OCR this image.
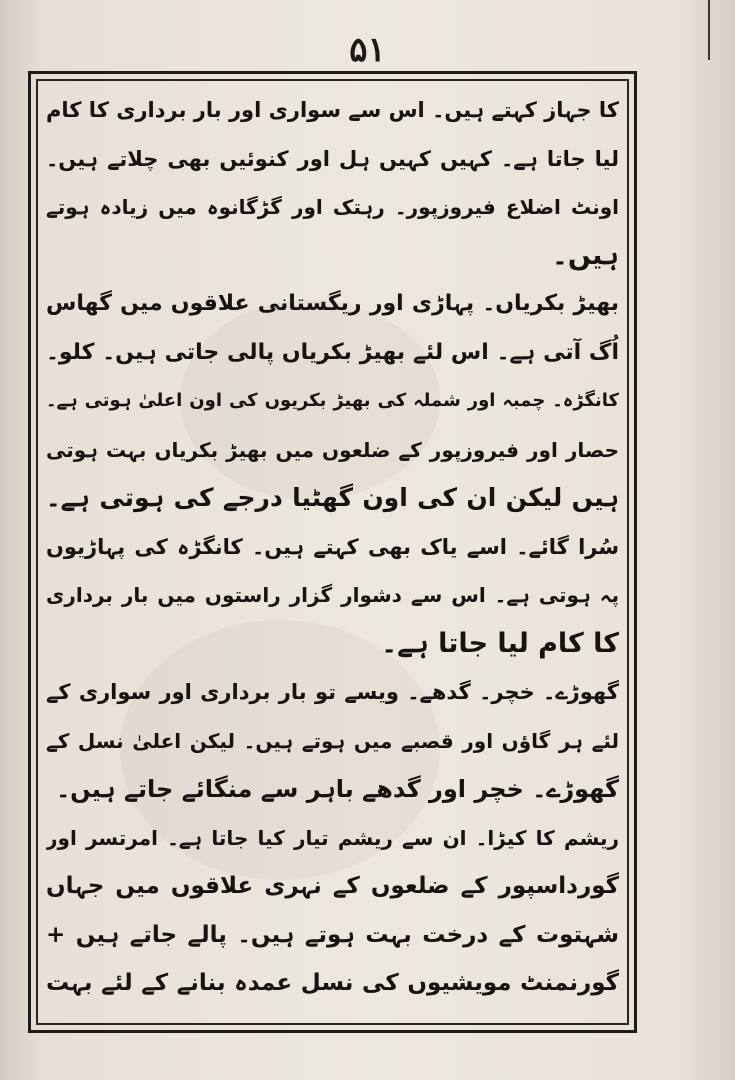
۵۱
کا جہاز کہتے ہیں۔ اس سے سواری اور بار برداری کا کام
لیا جاتا ہے۔ کہیں کہیں ہل اور کنوئیں بھی چلاتے ہیں۔
اونٹ اضلاع فیروزپور۔ رہتک اور گڑگانوہ میں زیادہ ہوتے
ہیں۔
بھیڑ بکریاں۔ پہاڑی اور ریگستانی علاقوں میں گھاس
اُگ آتی ہے۔ اس لئے بھیڑ بکریاں پالی جاتی ہیں۔ کلو۔
کانگڑہ۔ چمبہ اور شملہ کی بھیڑ بکریوں کی اون اعلیٰ ہوتی ہے۔
حصار اور فیروزپور کے ضلعوں میں بھیڑ بکریاں بہت ہوتی
ہیں لیکن ان کی اون گھٹیا درجے کی ہوتی ہے۔
سُرا گائے۔ اسے یاک بھی کہتے ہیں۔ کانگڑہ کی پہاڑیوں
پہ ہوتی ہے۔ اس سے دشوار گزار راستوں میں بار برداری
کا کام لیا جاتا ہے۔
گھوڑے۔ خچر۔ گدھے۔ ویسے تو بار برداری اور سواری کے
لئے ہر گاؤں اور قصبے میں ہوتے ہیں۔ لیکن اعلیٰ نسل کے
گھوڑے۔ خچر اور گدھے باہر سے منگائے جاتے ہیں۔
ریشم کا کیڑا۔ ان سے ریشم تیار کیا جاتا ہے۔ امرتسر اور
گورداسپور کے ضلعوں کے نہری علاقوں میں جہاں
شہتوت کے درخت بہت ہوتے ہیں۔ پالے جاتے ہیں +
گورنمنٹ مویشیوں کی نسل عمدہ بنانے کے لئے بہت
